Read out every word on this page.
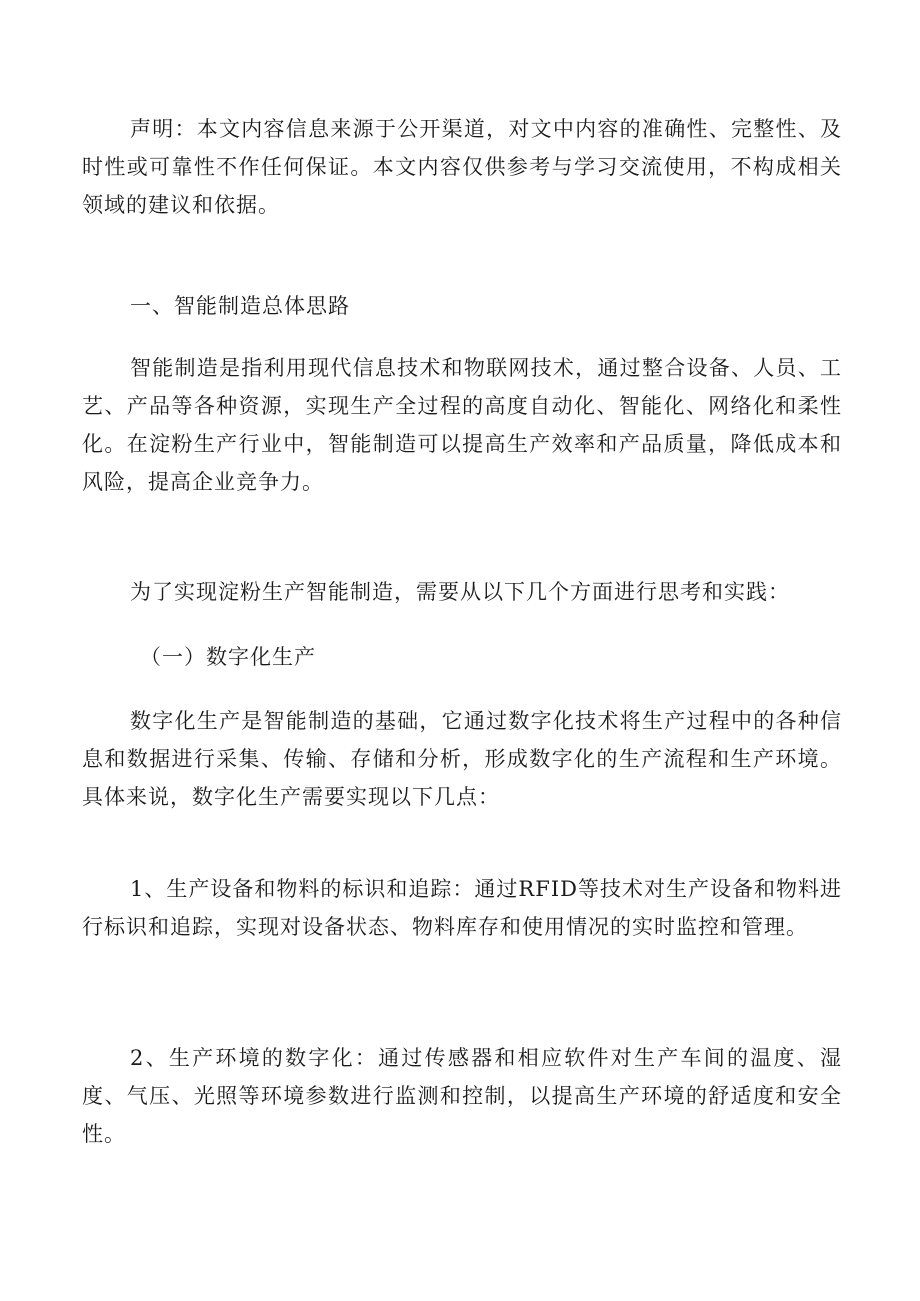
声明：本文内容信息来源于公开渠道，对文中内容的准确性、完整性、及时性或可靠性不作任何保证。本文内容仅供参考与学习交流使用，不构成相关领域的建议和依据。

一、智能制造总体思路

智能制造是指利用现代信息技术和物联网技术，通过整合设备、人员、工艺、产品等各种资源，实现生产全过程的高度自动化、智能化、网络化和柔性化。在淀粉生产行业中，智能制造可以提高生产效率和产品质量，降低成本和风险，提高企业竞争力。

为了实现淀粉生产智能制造，需要从以下几个方面进行思考和实践：

（一）数字化生产

数字化生产是智能制造的基础，它通过数字化技术将生产过程中的各种信息和数据进行采集、传输、存储和分析，形成数字化的生产流程和生产环境。具体来说，数字化生产需要实现以下几点：

1、生产设备和物料的标识和追踪：通过RFID等技术对生产设备和物料进行标识和追踪，实现对设备状态、物料库存和使用情况的实时监控和管理。

2、生产环境的数字化：通过传感器和相应软件对生产车间的温度、湿度、气压、光照等环境参数进行监测和控制，以提高生产环境的舒适度和安全性。
